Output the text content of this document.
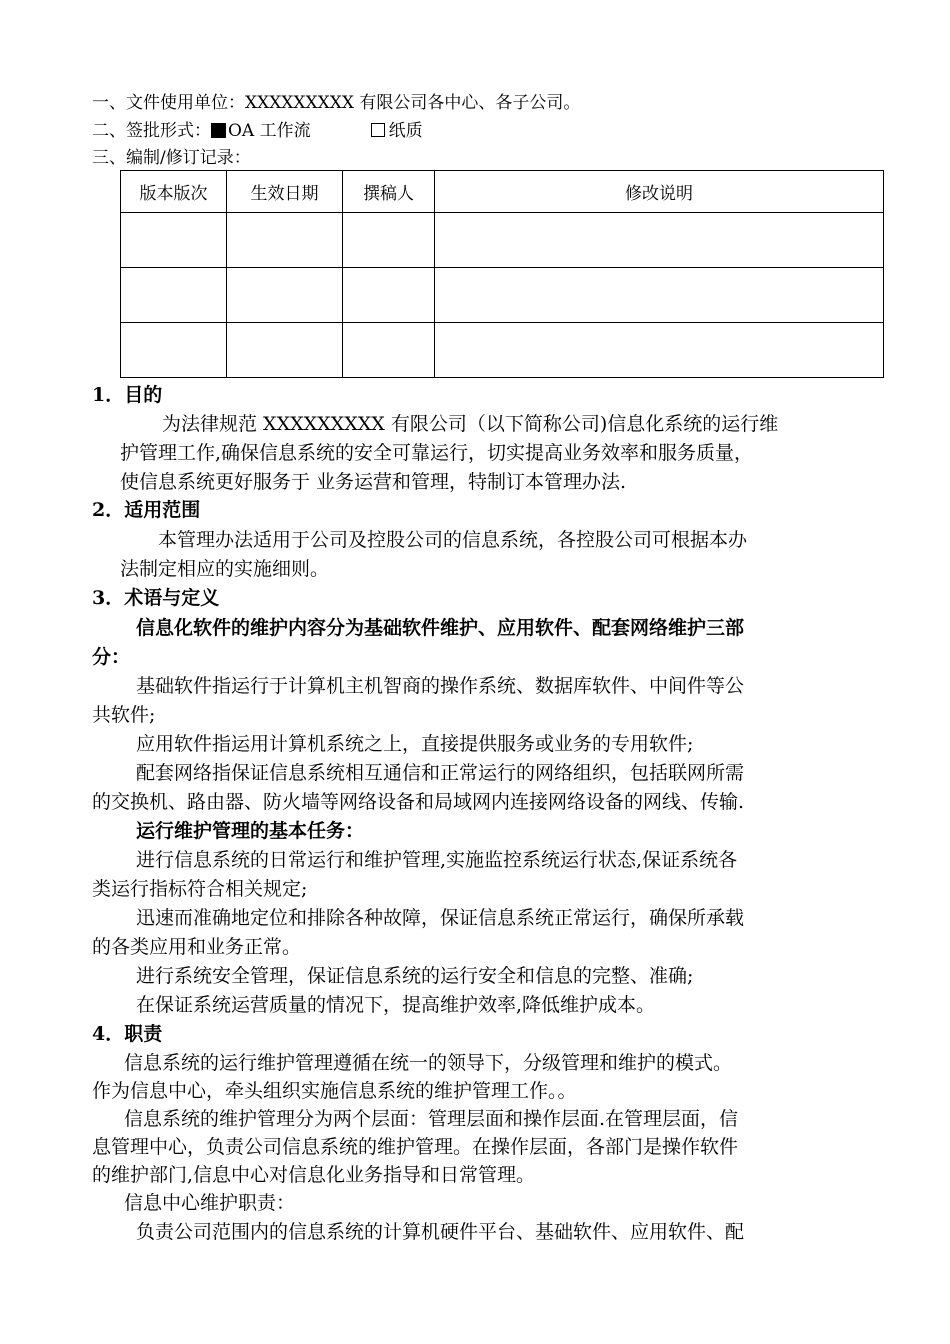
一、文件使用单位：XXXXXXXXX 有限公司各中心、各子公司。
二、签批形式： OA 工作流	纸质
三、编制/修订记录：
版本版次	生效日期	撰稿人	修改说明

1．目的
为法律规范 XXXXXXXXX 有限公司（以下简称公司)信息化系统的运行维
护管理工作,确保信息系统的安全可靠运行，切实提高业务效率和服务质量，
使信息系统更好服务于 业务运营和管理，特制订本管理办法.
2．适用范围
本管理办法适用于公司及控股公司的信息系统，各控股公司可根据本办
法制定相应的实施细则。
3．术语与定义
信息化软件的维护内容分为基础软件维护、应用软件、配套网络维护三部
分：
基础软件指运行于计算机主机智商的操作系统、数据库软件、中间件等公
共软件;
应用软件指运用计算机系统之上，直接提供服务或业务的专用软件;
配套网络指保证信息系统相互通信和正常运行的网络组织，包括联网所需
的交换机、路由器、防火墙等网络设备和局域网内连接网络设备的网线、传输.
运行维护管理的基本任务：
进行信息系统的日常运行和维护管理,实施监控系统运行状态,保证系统各
类运行指标符合相关规定;
迅速而准确地定位和排除各种故障，保证信息系统正常运行，确保所承载
的各类应用和业务正常。
进行系统安全管理，保证信息系统的运行安全和信息的完整、准确;
在保证系统运营质量的情况下，提高维护效率,降低维护成本。
4．职责
信息系统的运行维护管理遵循在统一的领导下，分级管理和维护的模式。
作为信息中心，牵头组织实施信息系统的维护管理工作。。
信息系统的维护管理分为两个层面：管理层面和操作层面.在管理层面，信
息管理中心，负责公司信息系统的维护管理。在操作层面，各部门是操作软件
的维护部门,信息中心对信息化业务指导和日常管理。
信息中心维护职责：
负责公司范围内的信息系统的计算机硬件平台、基础软件、应用软件、配
